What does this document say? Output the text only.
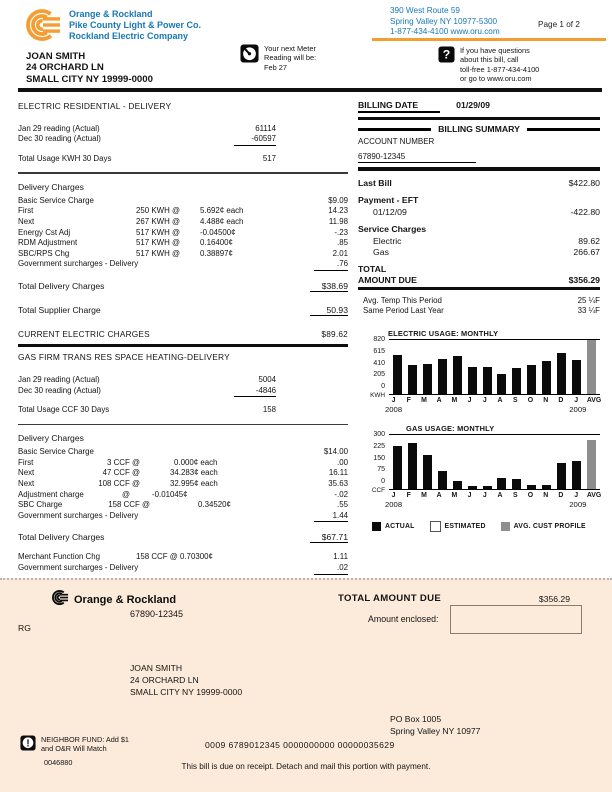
Orange & Rockland
Pike County Light & Power Co.
Rockland Electric Company
390 West Route 59
Spring Valley NY 10977-5300
1-877-434-4100 www.oru.com
Page 1 of 2
JOAN SMITH
24 ORCHARD LN
SMALL CITY NY 19999-0000
Your next Meter
Reading will be:
Feb 27
? If you have questions
about this bill, call
toll-free 1-877-434-4100
or go to www.oru.com
ELECTRIC RESIDENTIAL - DELIVERY
Jan 29 reading (Actual)	61114
Dec 30 reading (Actual)	-60597
Total Usage KWH 30 Days	517
Delivery Charges
Basic Service Charge	$9.09
First	250 KWH @	5.692¢ each	14.23
Next	267 KWH @	4.488¢ each	11.98
Energy Cst Adj	517 KWH @	-0.04500¢	-.23
RDM Adjustment	517 KWH @	0.16400¢	.85
SBC/RPS Chg	517 KWH @	0.38897¢	2.01
Government surcharges - Delivery	.76
Total Delivery Charges	$38.69
Total Supplier Charge	50.93
CURRENT ELECTRIC CHARGES	$89.62
GAS FIRM TRANS RES SPACE HEATING-DELIVERY
Jan 29 reading (Actual)	5004
Dec 30 reading (Actual)	-4846
Total Usage CCF 30 Days	158
Delivery Charges
Basic Service Charge	$14.00
First	3 CCF @	0.000¢ each	.00
Next	47 CCF @	34.283¢ each	16.11
Next	108 CCF @	32.995¢ each	35.63
Adjustment charge	@	-0.01045¢	-.02
SBC Charge	158 CCF @	0.34520¢	.55
Government surcharges - Delivery	1.44
Total Delivery Charges	$67.71
Merchant Function Chg	158 CCF @ 0.70300¢	1.11
Government surcharges - Delivery	.02
BILLING DATE	01/29/09
BILLING SUMMARY
ACCOUNT NUMBER
67890-12345
Last Bill	$422.80
Payment - EFT
01/12/09	-422.80
Service Charges
Electric	89.62
Gas	266.67
TOTAL
AMOUNT DUE	$356.29
Avg. Temp This Period	25 ¼F
Same Period Last Year	33 ¼F
ELECTRIC USAGE: MONTHLY
KWH
820
615
410
205
0
J	F	M A M	J	J	A	S	O N D	J	AVG
2008	2009
GAS USAGE: MONTHLY
CCF
300
225
150
75
0
J	F	M A M	J	J	A	S	O N D	J	AVG
2008	2009
ACTUAL	ESTIMATED	AVG. CUST PROFILE
Orange & Rockland	TOTAL AMOUNT DUE	$356.29
67890-12345
RG
Amount enclosed:
JOAN SMITH
24 ORCHARD LN
SMALL CITY NY 19999-0000
PO Box 1005
Spring Valley NY 10977
! NEIGHBOR FUND: Add $1
and O&R Will Match
0046880
0009 6789012345 0000000000 00000035629
This bill is due on receipt. Detach and mail this portion with payment.
